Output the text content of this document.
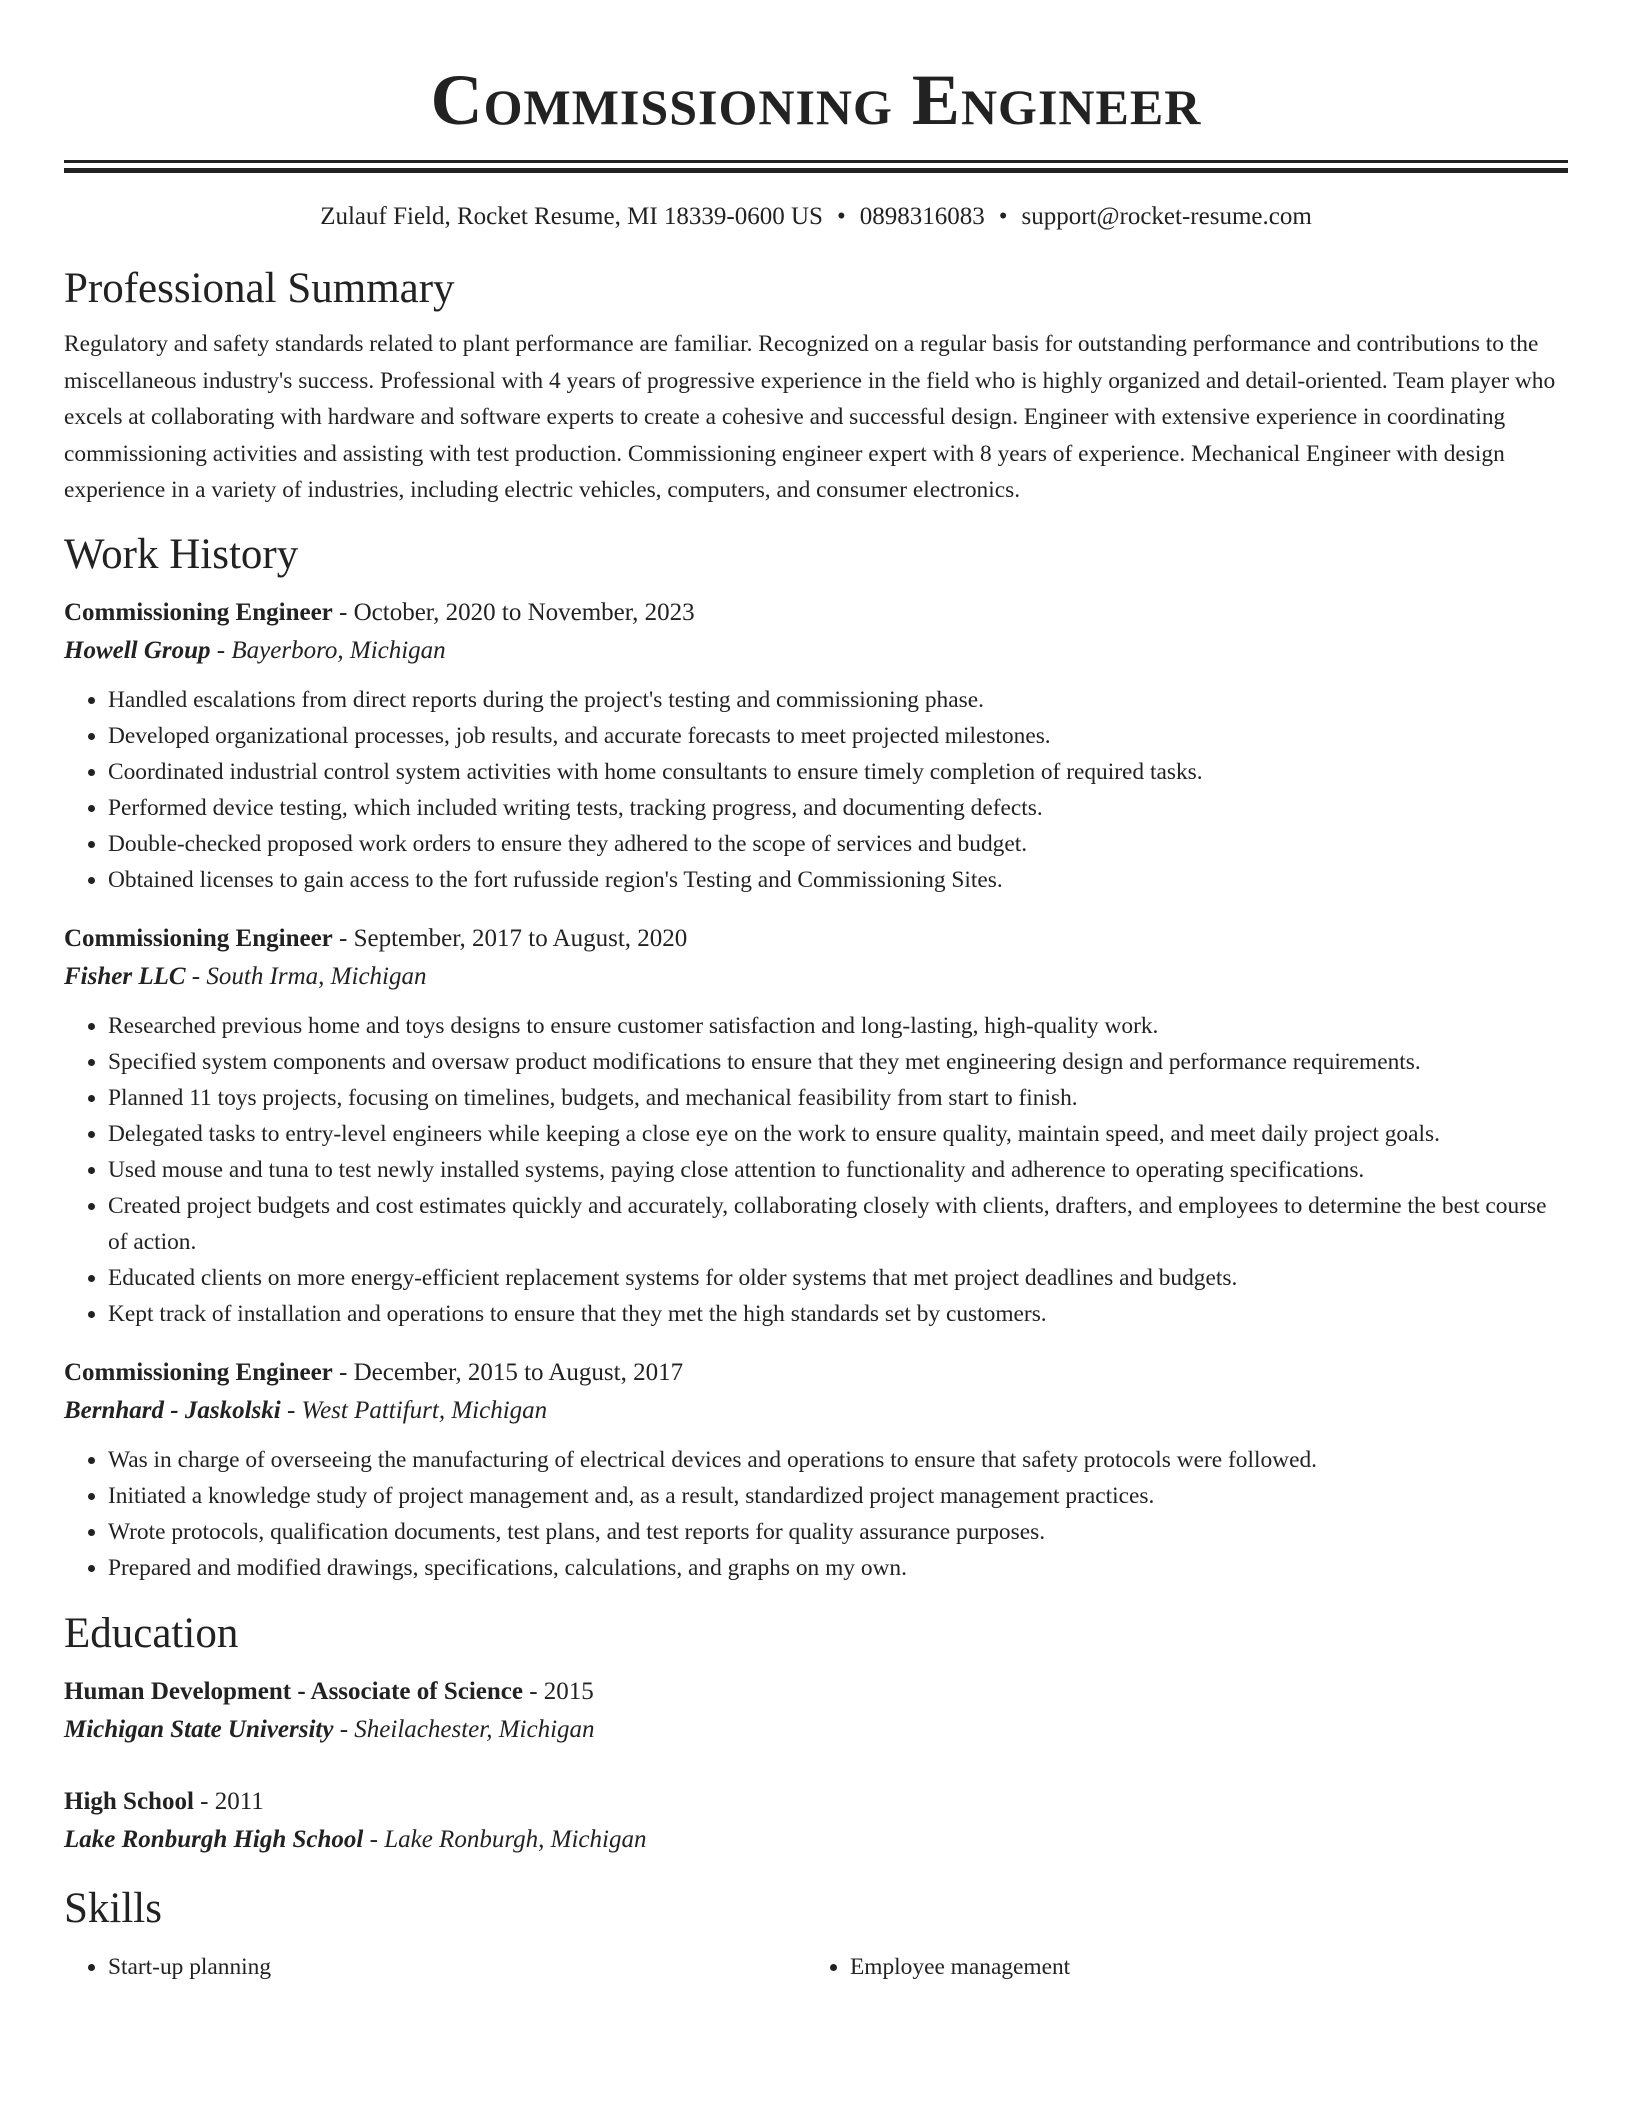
Commissioning Engineer
Zulauf Field, Rocket Resume, MI 18339-0600 US • 0898316083 • support@rocket-resume.com
Professional Summary

Regulatory and safety standards related to plant performance are familiar. Recognized on a regular basis for outstanding performance and contributions to the miscellaneous industry's success. Professional with 4 years of progressive experience in the field who is highly organized and detail-oriented. Team player who excels at collaborating with hardware and software experts to create a cohesive and successful design. Engineer with extensive experience in coordinating commissioning activities and assisting with test production. Commissioning engineer expert with 8 years of experience. Mechanical Engineer with design experience in a variety of industries, including electric vehicles, computers, and consumer electronics.

Work History
Commissioning Engineer - October, 2020 to November, 2023
Howell Group - Bayerboro, Michigan
• Handled escalations from direct reports during the project's testing and commissioning phase.
• Developed organizational processes, job results, and accurate forecasts to meet projected milestones.
• Coordinated industrial control system activities with home consultants to ensure timely completion of required tasks.
• Performed device testing, which included writing tests, tracking progress, and documenting defects.
• Double-checked proposed work orders to ensure they adhered to the scope of services and budget.
• Obtained licenses to gain access to the fort rufusside region's Testing and Commissioning Sites.
Commissioning Engineer - September, 2017 to August, 2020
Fisher LLC - South Irma, Michigan
• Researched previous home and toys designs to ensure customer satisfaction and long-lasting, high-quality work.
• Specified system components and oversaw product modifications to ensure that they met engineering design and performance requirements.
• Planned 11 toys projects, focusing on timelines, budgets, and mechanical feasibility from start to finish.
• Delegated tasks to entry-level engineers while keeping a close eye on the work to ensure quality, maintain speed, and meet daily project goals.
• Used mouse and tuna to test newly installed systems, paying close attention to functionality and adherence to operating specifications.
• Created project budgets and cost estimates quickly and accurately, collaborating closely with clients, drafters, and employees to determine the best course of action.
• Educated clients on more energy-efficient replacement systems for older systems that met project deadlines and budgets.
• Kept track of installation and operations to ensure that they met the high standards set by customers.
Commissioning Engineer - December, 2015 to August, 2017
Bernhard - Jaskolski - West Pattifurt, Michigan
• Was in charge of overseeing the manufacturing of electrical devices and operations to ensure that safety protocols were followed.
• Initiated a knowledge study of project management and, as a result, standardized project management practices.
• Wrote protocols, qualification documents, test plans, and test reports for quality assurance purposes.
• Prepared and modified drawings, specifications, calculations, and graphs on my own.
Education
Human Development - Associate of Science - 2015
Michigan State University - Sheilachester, Michigan
High School - 2011
Lake Ronburgh High School - Lake Ronburgh, Michigan
Skills
• Start-up planning
•	Employee management
